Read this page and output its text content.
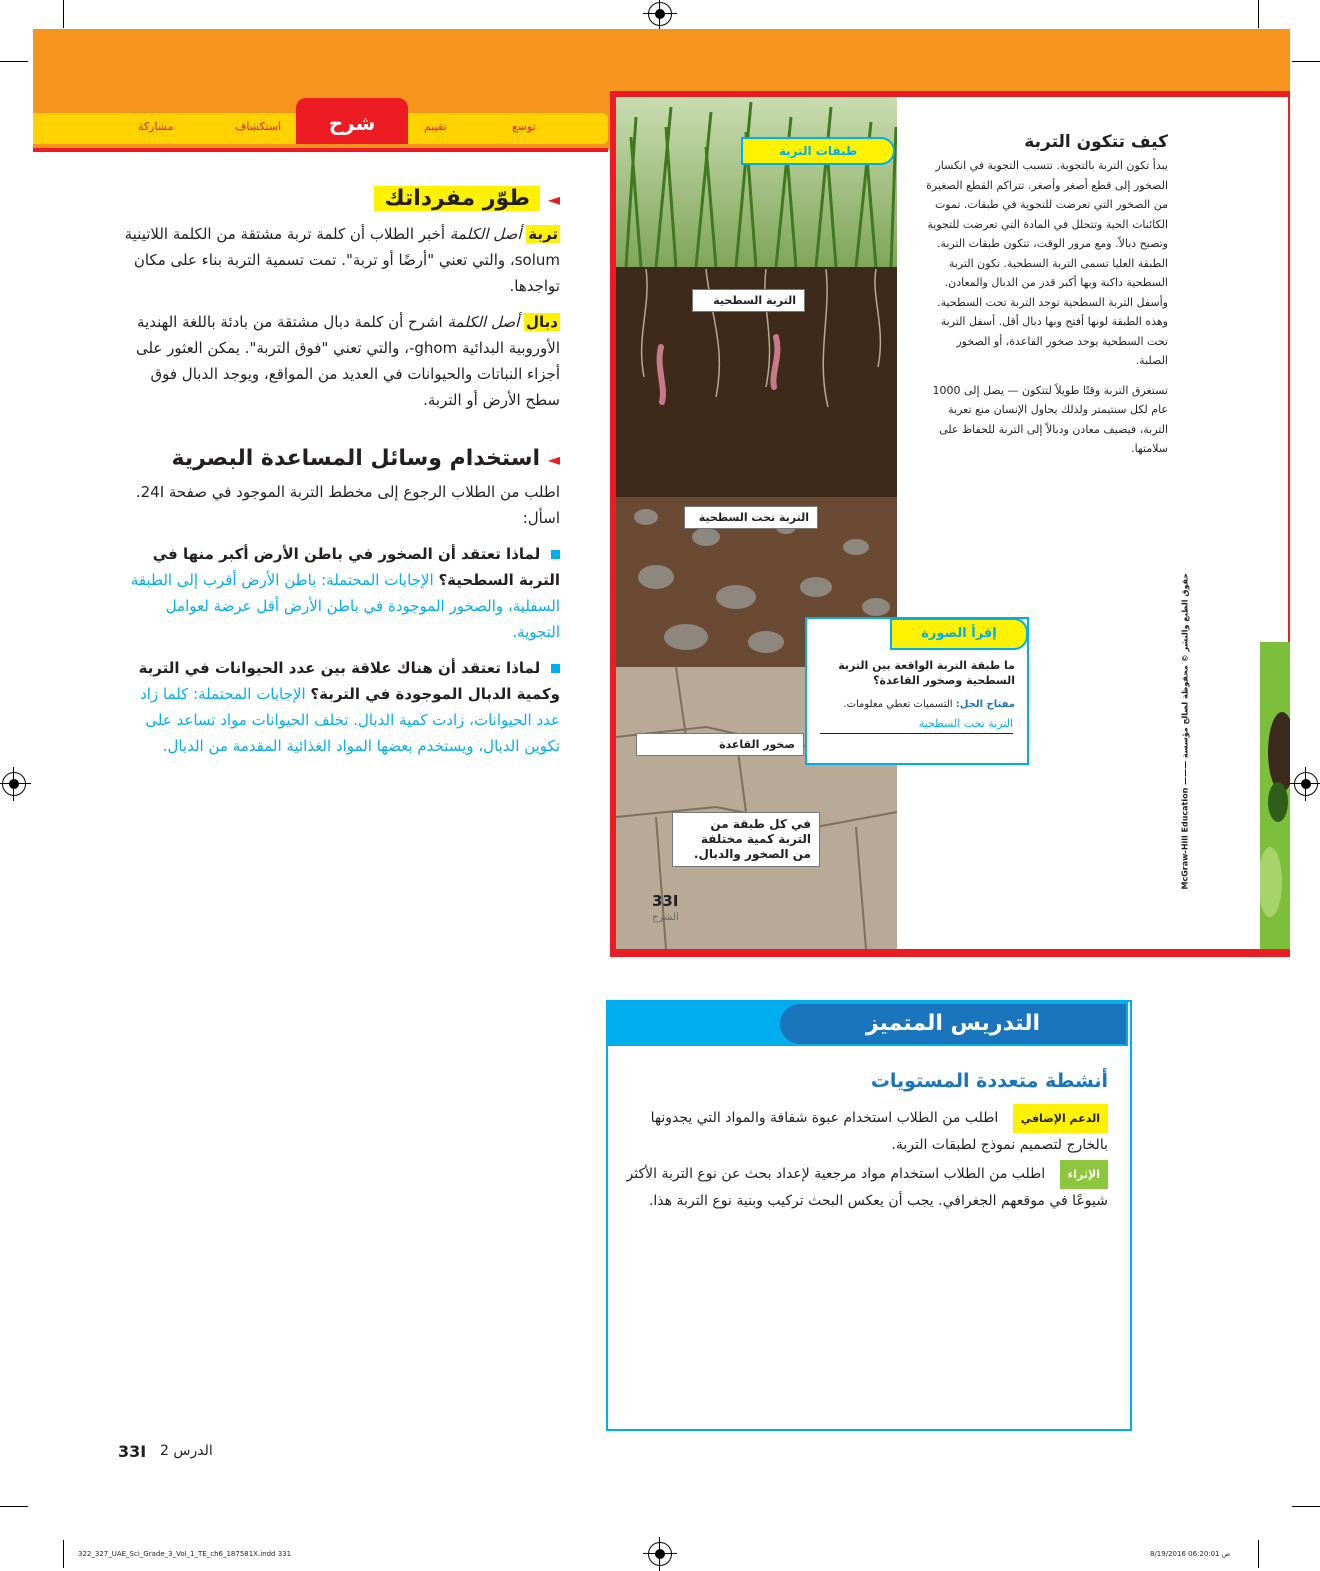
مشاركة	استكشاف	شرح	تقييم	توسع
◄ طوّر مفرداتك
تربة أصل الكلمة أخبر الطلاب أن كلمة تربة مشتقة من الكلمة اللاتينية solum، والتي تعني "أرضًا أو تربة". تمت تسمية التربة بناء على مكان تواجدها.
دبال أصل الكلمة اشرح أن كلمة دبال مشتقة من بادئة باللغة الهندية الأوروبية البدائية ghom-، والتي تعني "فوق التربة". يمكن العثور على أجزاء النباتات والحيوانات في العديد من المواقع، ويوجد الدبال فوق سطح الأرض أو التربة.
◄ استخدام وسائل المساعدة البصرية
اطلب من الطلاب الرجوع إلى مخطط التربة الموجود في صفحة 24I. اسأل:
لماذا تعتقد أن الصخور في باطن الأرض أكبر منها في التربة السطحية؟ الإجابات المحتملة: باطن الأرض أقرب إلى الطبقة السفلية، والصخور الموجودة في باطن الأرض أقل عرضة لعوامل التجوية.
لماذا تعتقد أن هناك علاقة بين عدد الحيوانات في التربة وكمية الدبال الموجودة في التربة؟ الإجابات المحتملة: كلما زاد عدد الحيوانات، زادت كمية الدبال. تخلف الحيوانات مواد تساعد على تكوين الدبال، ويستخدم بعضها المواد الغذائية المقدمة من الدبال.
طبقات التربة
التربة السطحية
التربة تحت السطحية
صخور القاعدة
في كل طبقة من التربة كمية مختلفة من الصخور والدبال.
33I
الشرح
إقرأ الصورة
ما طبقة التربة الواقعة بين التربة السطحية وصخور القاعدة؟
مفتاح الحل: التسميات تعطي معلومات.
التربة تحت السطحية
كيف تتكون التربة
يبدأ تكون التربة بالتجوية. تتسبب التجوية في انكسار الصخور إلى قطع أصغر وأصغر. تتراكم القطع الصغيرة من الصخور التي تعرضت للتجوية في طبقات. تموت الكائنات الحية وتتحلل في المادة التي تعرضت للتجوية وتصبح دبالاً. ومع مرور الوقت، تتكون طبقات التربة. الطبقة العليا تسمى التربة السطحية. تكون التربة السطحية داكنة وبها أكبر قدر من الدبال والمعادن. وأسفل التربة السطحية توجد التربة تحت السطحية. وهذه الطبقة لونها أفتح وبها دبال أقل. أسفل التربة تحت السطحية يوجد صخور القاعدة، أو الصخور الصلبة.
تستغرق التربة وقتًا طويلاً لتتكون — يصل إلى 1000 عام لكل سنتيمتر ولذلك يحاول الإنسان منع تعرية التربة، فيضيف معادن ودبالاً إلى التربة للحفاظ على سلامتها.
McGraw-Hill Education ——— حقوق الطبع والنشر © محفوظة لصالح مؤسسة
التدريس المتميز
أنشطة متعددة المستويات
الدعم الإضافي اطلب من الطلاب استخدام عبوة شفافة والمواد التي يجدونها بالخارج لتصميم نموذج لطبقات التربة.
الإثراء اطلب من الطلاب استخدام مواد مرجعية لإعداد بحث عن نوع التربة الأكثر شيوعًا في موقعهم الجغرافي. يجب أن يعكس البحث تركيب وبنية نوع التربة هذا.
33I الدرس 2
322_327_UAE_Sci_Grade_3_Vol_1_TE_ch6_187581X.indd 331	8/19/2016 06:20:01 ص
